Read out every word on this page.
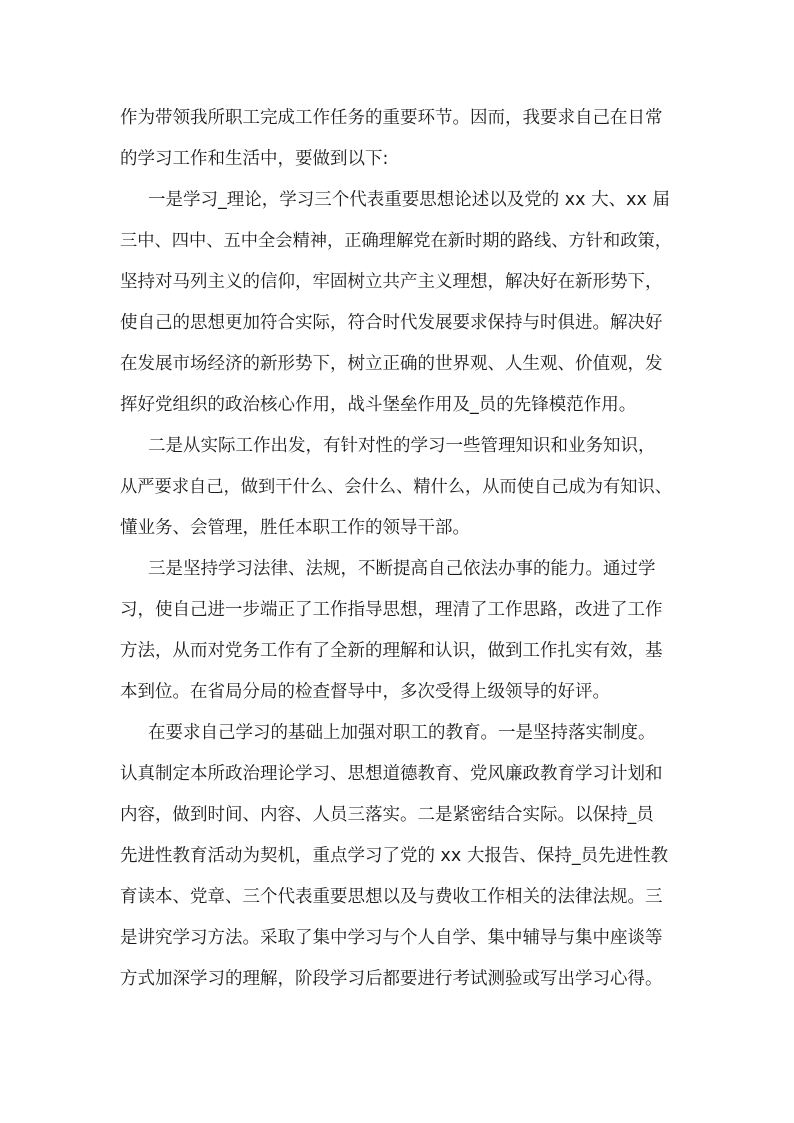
作为带领我所职工完成工作任务的重要环节。因而，我要求自己在日常
的学习工作和生活中，要做到以下:
一是学习_理论，学习三个代表重要思想论述以及党的 xx 大、xx 届
三中、四中、五中全会精神，正确理解党在新时期的路线、方针和政策，
坚持对马列主义的信仰，牢固树立共产主义理想，解决好在新形势下，
使自己的思想更加符合实际，符合时代发展要求保持与时俱进。解决好
在发展市场经济的新形势下，树立正确的世界观、人生观、价值观，发
挥好党组织的政治核心作用，战斗堡垒作用及_员的先锋模范作用。
二是从实际工作出发，有针对性的学习一些管理知识和业务知识，
从严要求自己，做到干什么、会什么、精什么，从而使自己成为有知识、
懂业务、会管理，胜任本职工作的领导干部。
三是坚持学习法律、法规，不断提高自己依法办事的能力。通过学
习，使自己进一步端正了工作指导思想，理清了工作思路，改进了工作
方法，从而对党务工作有了全新的理解和认识，做到工作扎实有效，基
本到位。在省局分局的检查督导中，多次受得上级领导的好评。
在要求自己学习的基础上加强对职工的教育。一是坚持落实制度。
认真制定本所政治理论学习、思想道德教育、党风廉政教育学习计划和
内容，做到时间、内容、人员三落实。二是紧密结合实际。以保持_员
先进性教育活动为契机，重点学习了党的 xx 大报告、保持_员先进性教
育读本、党章、三个代表重要思想以及与费收工作相关的法律法规。三
是讲究学习方法。采取了集中学习与个人自学、集中辅导与集中座谈等
方式加深学习的理解，阶段学习后都要进行考试测验或写出学习心得。
